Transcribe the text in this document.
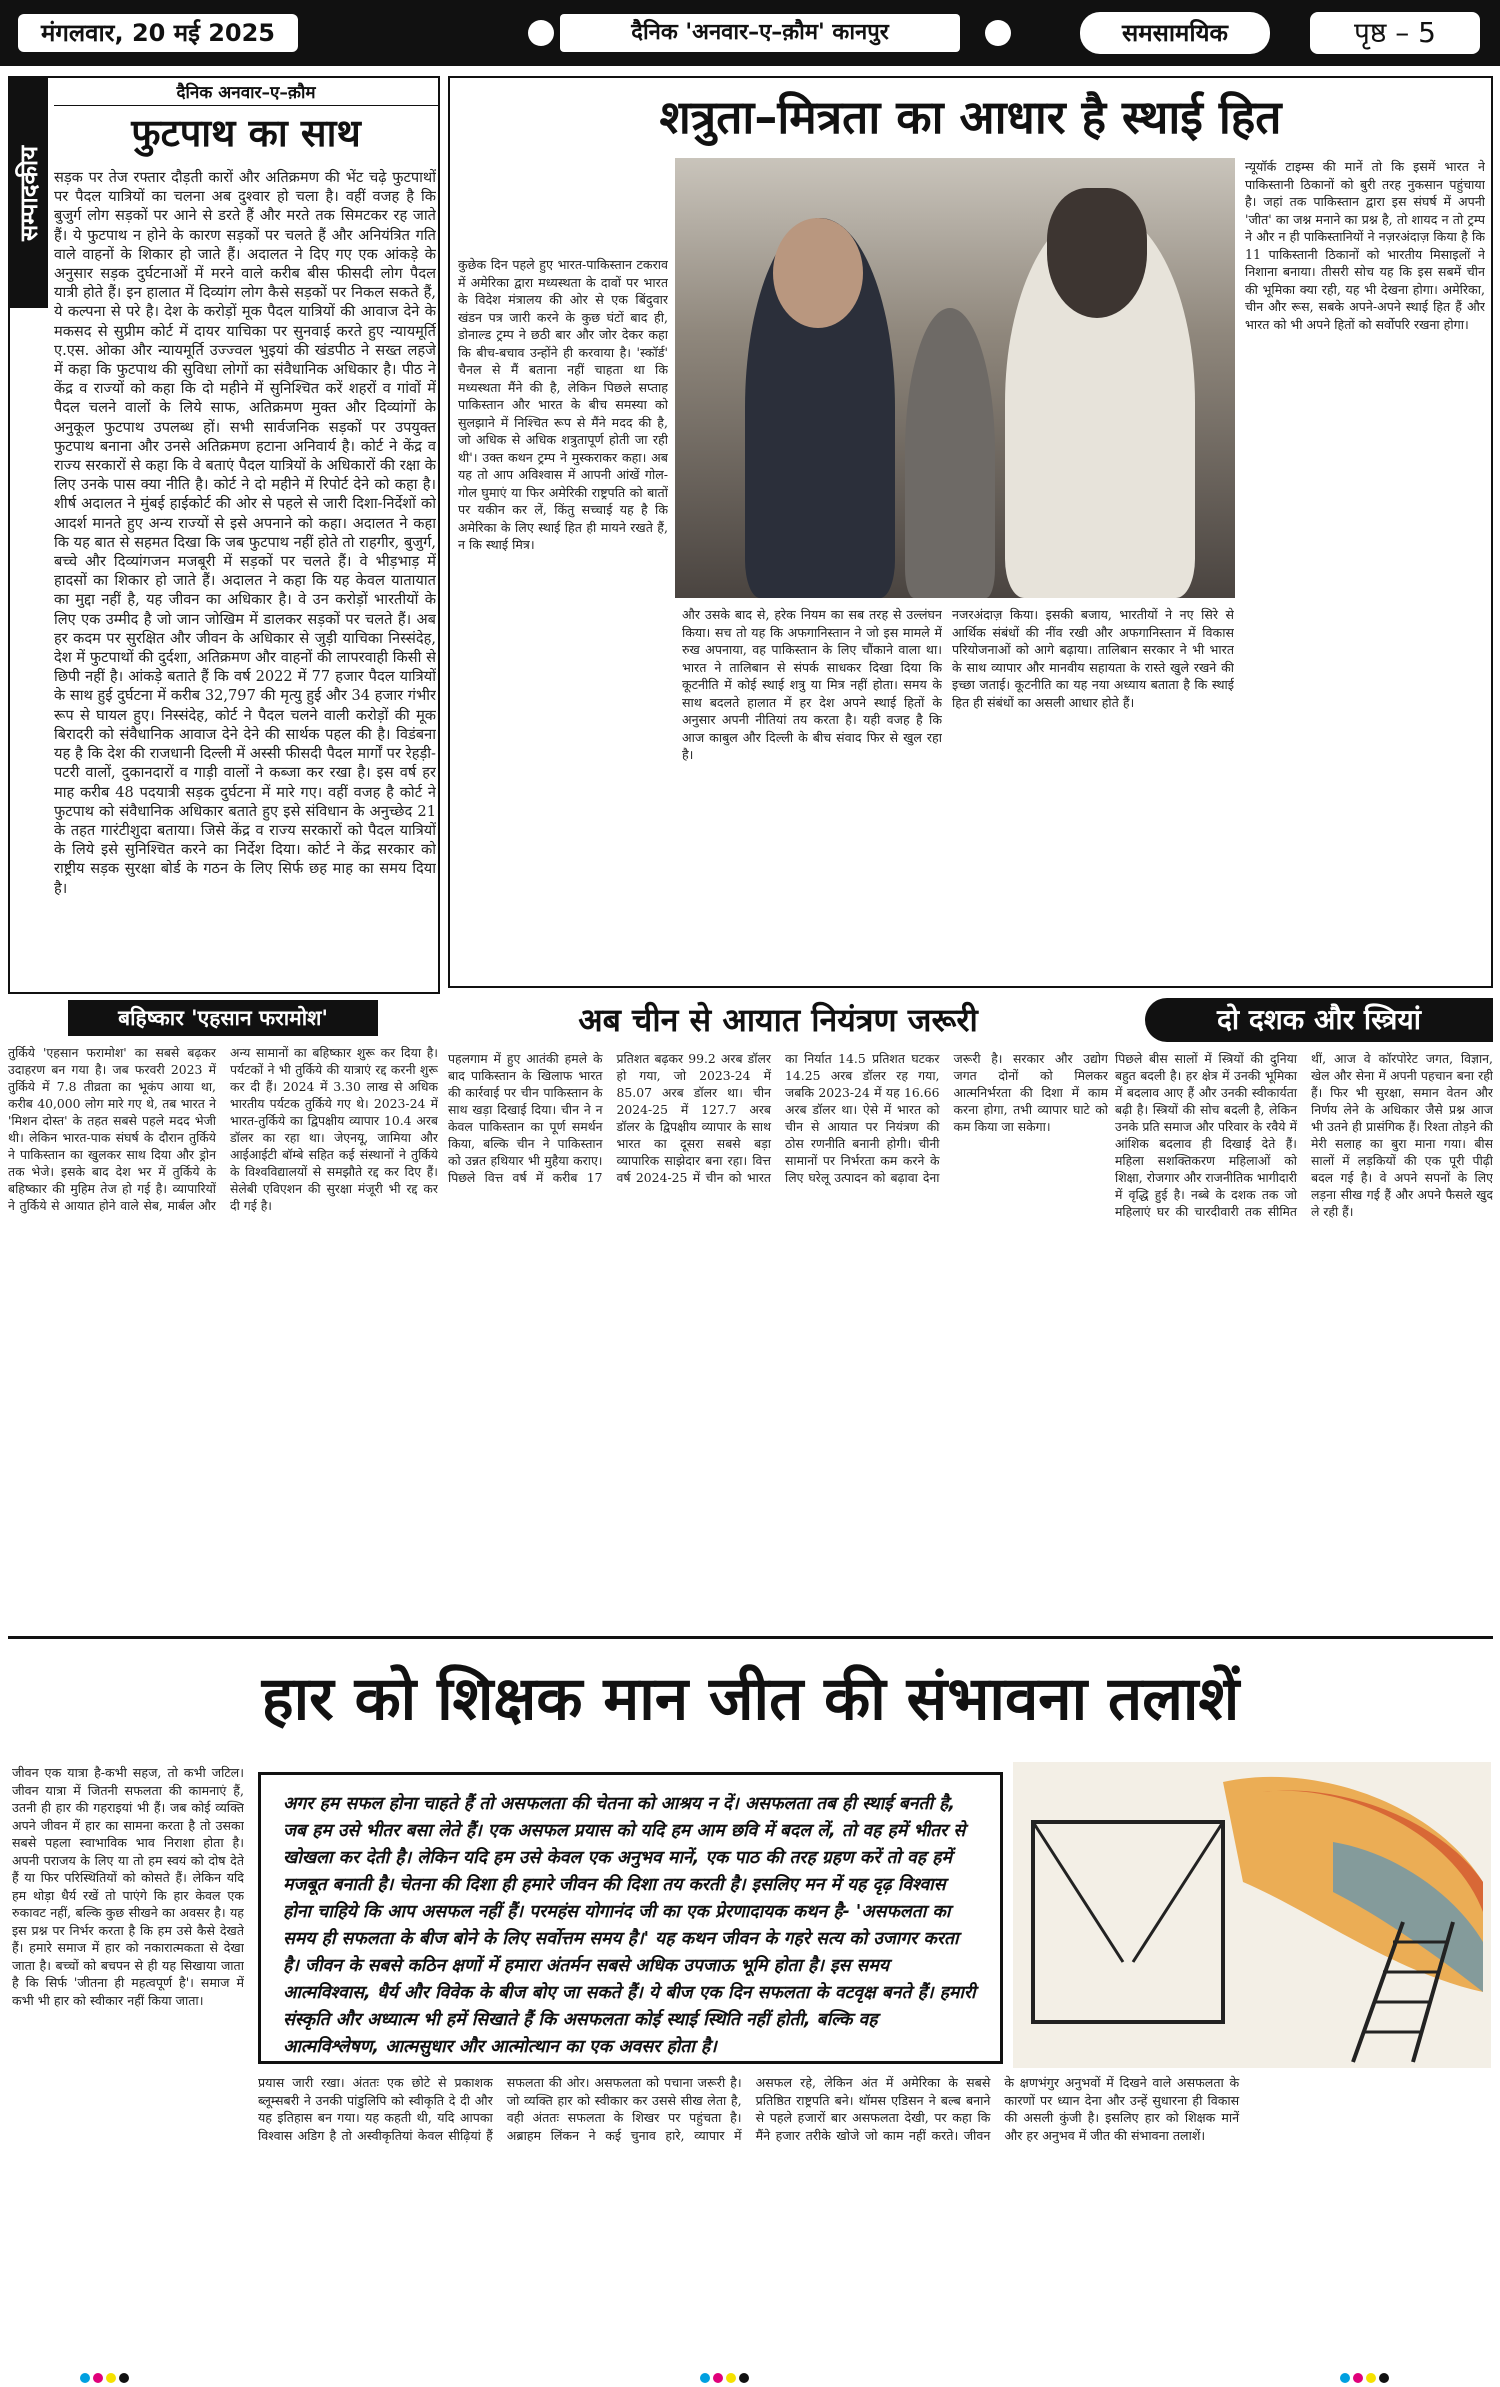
मंगलवार, 20 मई 2025	दैनिक 'अनवार–ए–क़ौम' कानपुर	समसामयिक	पृष्ठ – 5
सम्पादकीय
दैनिक अनवार–ए–क़ौम
फुटपाथ का साथ
सड़क पर तेज रफ्तार दौड़ती कारों और अतिक्रमण की भेंट चढ़े फुटपाथों पर पैदल यात्रियों का चलना अब दुश्वार हो चला है। वहीं वजह है कि बुजुर्ग लोग सड़कों पर आने से डरते हैं और मरते तक सिमटकर रह जाते हैं। ये फुटपाथ न होने के कारण सड़कों पर चलते हैं और अनियंत्रित गति वाले वाहनों के शिकार हो जाते हैं। अदालत ने दिए गए एक आंकड़े के अनुसार सड़क दुर्घटनाओं में मरने वाले करीब बीस फीसदी लोग पैदल यात्री होते हैं। इन हालात में दिव्यांग लोग कैसे सड़कों पर निकल सकते हैं, ये कल्पना से परे है। देश के करोड़ों मूक पैदल यात्रियों की आवाज देने के मकसद से सुप्रीम कोर्ट में दायर याचिका पर सुनवाई करते हुए न्यायमूर्ति ए.एस. ओका और न्यायमूर्ति उज्ज्वल भुइयां की खंडपीठ ने सख्त लहजे में कहा कि फुटपाथ की सुविधा लोगों का संवैधानिक अधिकार है। पीठ ने केंद्र व राज्यों को कहा कि दो महीने में सुनिश्चित करें शहरों व गांवों में पैदल चलने वालों के लिये साफ, अतिक्रमण मुक्त और दिव्यांगों के अनुकूल फुटपाथ उपलब्ध हों। सभी सार्वजनिक सड़कों पर उपयुक्त फुटपाथ बनाना और उनसे अतिक्रमण हटाना अनिवार्य है। कोर्ट ने केंद्र व राज्य सरकारों से कहा कि वे बताएं पैदल यात्रियों के अधिकारों की रक्षा के लिए उनके पास क्या नीति है। कोर्ट ने दो महीने में रिपोर्ट देने को कहा है। शीर्ष अदालत ने मुंबई हाईकोर्ट की ओर से पहले से जारी दिशा-निर्देशों को आदर्श मानते हुए अन्य राज्यों से इसे अपनाने को कहा। अदालत ने कहा कि यह बात से सहमत दिखा कि जब फुटपाथ नहीं होते तो राहगीर, बुजुर्ग, बच्चे और दिव्यांगजन मजबूरी में सड़कों पर चलते हैं। वे भीड़भाड़ में हादसों का शिकार हो जाते हैं। अदालत ने कहा कि यह केवल यातायात का मुद्दा नहीं है, यह जीवन का अधिकार है। वे उन करोड़ों भारतीयों के लिए एक उम्मीद है जो जान जोखिम में डालकर सड़कों पर चलते हैं। अब हर कदम पर सुरक्षित और जीवन के अधिकार से जुड़ी याचिका निस्संदेह, देश में फुटपाथों की दुर्दशा, अतिक्रमण और वाहनों की लापरवाही किसी से छिपी नहीं है। आंकड़े बताते हैं कि वर्ष 2022 में 77 हजार पैदल यात्रियों के साथ हुई दुर्घटना में करीब 32,797 की मृत्यु हुई और 34 हजार गंभीर रूप से घायल हुए। निस्संदेह, कोर्ट ने पैदल चलने वाली करोड़ों की मूक बिरादरी को संवैधानिक आवाज देने देने की सार्थक पहल की है। विडंबना यह है कि देश की राजधानी दिल्ली में अस्सी फीसदी पैदल मार्गों पर रेहड़ी-पटरी वालों, दुकानदारों व गाड़ी वालों ने कब्जा कर रखा है। इस वर्ष हर माह करीब 48 पदयात्री सड़क दुर्घटना में मारे गए। वहीं वजह है कोर्ट ने फुटपाथ को संवैधानिक अधिकार बताते हुए इसे संविधान के अनुच्छेद 21 के तहत गारंटीशुदा बताया। जिसे केंद्र व राज्य सरकारों को पैदल यात्रियों के लिये इसे सुनिश्चित करने का निर्देश दिया। कोर्ट ने केंद्र सरकार को राष्ट्रीय सड़क सुरक्षा बोर्ड के गठन के लिए सिर्फ छह माह का समय दिया है।
शत्रुता–मित्रता का आधार है स्थाई हित
कुछेक दिन पहले हुए भारत-पाकिस्तान टकराव में अमेरिका द्वारा मध्यस्थता के दावों पर भारत के विदेश मंत्रालय की ओर से एक बिंदुवार खंडन पत्र जारी करने के कुछ घंटों बाद ही, डोनाल्ड ट्रम्प ने छठी बार और जोर देकर कहा कि बीच-बचाव उन्होंने ही करवाया है। 'स्कॉर्ड' चैनल से मैं बताना नहीं चाहता था कि मध्यस्थता मैंने की है, लेकिन पिछले सप्ताह पाकिस्तान और भारत के बीच समस्या को सुलझाने में निश्चित रूप से मैंने मदद की है, जो अधिक से अधिक शत्रुतापूर्ण होती जा रही थी'। उक्त कथन ट्रम्प ने मुस्कराकर कहा। अब यह तो आप अविश्वास में आपनी आंखें गोल-गोल घुमाएं या फिर अमेरिकी राष्ट्रपति को बातों पर यकीन कर लें, किंतु सच्चाई यह है कि अमेरिका के लिए स्थाई हित ही मायने रखते हैं, न कि स्थाई मित्र।
और उसके बाद से, हरेक नियम का सब तरह से उल्लंघन किया। सच तो यह कि अफगानिस्तान ने जो इस मामले में रुख अपनाया, वह पाकिस्तान के लिए चौंकाने वाला था। भारत ने तालिबान से संपर्क साधकर दिखा दिया कि कूटनीति में कोई स्थाई शत्रु या मित्र नहीं होता। समय के साथ बदलते हालात में हर देश अपने स्थाई हितों के अनुसार अपनी नीतियां तय करता है। यही वजह है कि आज काबुल और दिल्ली के बीच संवाद फिर से खुल रहा है।
नजरअंदाज़ किया। इसकी बजाय, भारतीयों ने नए सिरे से आर्थिक संबंधों की नींव रखी और अफगानिस्तान में विकास परियोजनाओं को आगे बढ़ाया। तालिबान सरकार ने भी भारत के साथ व्यापार और मानवीय सहायता के रास्ते खुले रखने की इच्छा जताई। कूटनीति का यह नया अध्याय बताता है कि स्थाई हित ही संबंधों का असली आधार होते हैं।
न्यूयॉर्क टाइम्स की मानें तो कि इसमें भारत ने पाकिस्तानी ठिकानों को बुरी तरह नुकसान पहुंचाया है। जहां तक पाकिस्तान द्वारा इस संघर्ष में अपनी 'जीत' का जश्न मनाने का प्रश्न है, तो शायद न तो ट्रम्प ने और न ही पाकिस्तानियों ने नज़रअंदाज़ किया है कि 11 पाकिस्तानी ठिकानों को भारतीय मिसाइलों ने निशाना बनाया। तीसरी सोच यह कि इस सबमें चीन की भूमिका क्या रही, यह भी देखना होगा। अमेरिका, चीन और रूस, सबके अपने-अपने स्थाई हित हैं और भारत को भी अपने हितों को सर्वोपरि रखना होगा।
बहिष्कार 'एहसान फरामोश'
तुर्किये 'एहसान फरामोश' का सबसे बढ़कर उदाहरण बन गया है। जब फरवरी 2023 में तुर्किये में 7.8 तीव्रता का भूकंप आया था, करीब 40,000 लोग मारे गए थे, तब भारत ने 'मिशन दोस्त' के तहत सबसे पहले मदद भेजी थी। लेकिन भारत-पाक संघर्ष के दौरान तुर्किये ने पाकिस्तान का खुलकर साथ दिया और ड्रोन तक भेजे। इसके बाद देश भर में तुर्किये के बहिष्कार की मुहिम तेज हो गई है। व्यापारियों ने तुर्किये से आयात होने वाले सेब, मार्बल और अन्य सामानों का बहिष्कार शुरू कर दिया है। पर्यटकों ने भी तुर्किये की यात्राएं रद्द करनी शुरू कर दी हैं। 2024 में 3.30 लाख से अधिक भारतीय पर्यटक तुर्किये गए थे। 2023-24 में भारत-तुर्किये का द्विपक्षीय व्यापार 10.4 अरब डॉलर का रहा था। जेएनयू, जामिया और आईआईटी बॉम्बे सहित कई संस्थानों ने तुर्किये के विश्वविद्यालयों से समझौते रद्द कर दिए हैं। सेलेबी एविएशन की सुरक्षा मंजूरी भी रद्द कर दी गई है।
अब चीन से आयात नियंत्रण जरूरी
पहलगाम में हुए आतंकी हमले के बाद पाकिस्तान के खिलाफ भारत की कार्रवाई पर चीन पाकिस्तान के साथ खड़ा दिखाई दिया। चीन ने न केवल पाकिस्तान का पूर्ण समर्थन किया, बल्कि चीन ने पाकिस्तान को उन्नत हथियार भी मुहैया कराए। पिछले वित्त वर्ष में करीब 17 प्रतिशत बढ़कर 99.2 अरब डॉलर हो गया, जो 2023-24 में 85.07 अरब डॉलर था। चीन 2024-25 में 127.7 अरब डॉलर के द्विपक्षीय व्यापार के साथ भारत का दूसरा सबसे बड़ा व्यापारिक साझेदार बना रहा। वित्त वर्ष 2024-25 में चीन को भारत का निर्यात 14.5 प्रतिशत घटकर 14.25 अरब डॉलर रह गया, जबकि 2023-24 में यह 16.66 अरब डॉलर था। ऐसे में भारत को चीन से आयात पर नियंत्रण की ठोस रणनीति बनानी होगी। चीनी सामानों पर निर्भरता कम करने के लिए घरेलू उत्पादन को बढ़ावा देना जरूरी है। सरकार और उद्योग जगत दोनों को मिलकर आत्मनिर्भरता की दिशा में काम करना होगा, तभी व्यापार घाटे को कम किया जा सकेगा।
दो दशक और स्त्रियां
पिछले बीस सालों में स्त्रियों की दुनिया बहुत बदली है। हर क्षेत्र में उनकी भूमिका में बदलाव आए हैं और उनकी स्वीकार्यता बढ़ी है। स्त्रियों की सोच बदली है, लेकिन उनके प्रति समाज और परिवार के रवैये में आंशिक बदलाव ही दिखाई देते हैं। महिला सशक्तिकरण महिलाओं को शिक्षा, रोजगार और राजनीतिक भागीदारी में वृद्धि हुई है। नब्बे के दशक तक जो महिलाएं घर की चारदीवारी तक सीमित थीं, आज वे कॉरपोरेट जगत, विज्ञान, खेल और सेना में अपनी पहचान बना रही हैं। फिर भी सुरक्षा, समान वेतन और निर्णय लेने के अधिकार जैसे प्रश्न आज भी उतने ही प्रासंगिक हैं। रिश्ता तोड़ने की मेरी सलाह का बुरा माना गया। बीस सालों में लड़कियों की एक पूरी पीढ़ी बदल गई है। वे अपने सपनों के लिए लड़ना सीख गई हैं और अपने फैसले खुद ले रही हैं।
हार को शिक्षक मान जीत की संभावना तलाशें
जीवन एक यात्रा है-कभी सहज, तो कभी जटिल। जीवन यात्रा में जितनी सफलता की कामनाएं हैं, उतनी ही हार की गहराइयां भी हैं। जब कोई व्यक्ति अपने जीवन में हार का सामना करता है तो उसका सबसे पहला स्वाभाविक भाव निराशा होता है। अपनी पराजय के लिए या तो हम स्वयं को दोष देते हैं या फिर परिस्थितियों को कोसते हैं। लेकिन यदि हम थोड़ा धैर्य रखें तो पाएंगे कि हार केवल एक रुकावट नहीं, बल्कि कुछ सीखने का अवसर है। यह इस प्रश्न पर निर्भर करता है कि हम उसे कैसे देखते हैं। हमारे समाज में हार को नकारात्मकता से देखा जाता है। बच्चों को बचपन से ही यह सिखाया जाता है कि सिर्फ 'जीतना ही महत्वपूर्ण है'। समाज में कभी भी हार को स्वीकार नहीं किया जाता।
अगर हम सफल होना चाहते हैं तो असफलता की चेतना को आश्रय न दें। असफलता तब ही स्थाई बनती है, जब हम उसे भीतर बसा लेते हैं। एक असफल प्रयास को यदि हम आम छवि में बदल लें, तो वह हमें भीतर से खोखला कर देती है। लेकिन यदि हम उसे केवल एक अनुभव मानें, एक पाठ की तरह ग्रहण करें तो वह हमें मजबूत बनाती है। चेतना की दिशा ही हमारे जीवन की दिशा तय करती है। इसलिए मन में यह दृढ़ विश्वास होना चाहिये कि आप असफल नहीं हैं। परमहंस योगानंद जी का एक प्रेरणादायक कथन है- 'असफलता का समय ही सफलता के बीज बोने के लिए सर्वोत्तम समय है।' यह कथन जीवन के गहरे सत्य को उजागर करता है। जीवन के सबसे कठिन क्षणों में हमारा अंतर्मन सबसे अधिक उपजाऊ भूमि होता है। इस समय आत्मविश्वास, धैर्य और विवेक के बीज बोए जा सकते हैं। ये बीज एक दिन सफलता के वटवृक्ष बनते हैं। हमारी संस्कृति और अध्यात्म भी हमें सिखाते हैं कि असफलता कोई स्थाई स्थिति नहीं होती, बल्कि वह आत्मविश्लेषण, आत्मसुधार और आत्मोत्थान का एक अवसर होता है।
प्रयास जारी रखा। अंततः एक छोटे से प्रकाशक ब्लूम्सबरी ने उनकी पांडुलिपि को स्वीकृति दे दी और यह इतिहास बन गया। यह कहती थी, यदि आपका विश्वास अडिग है तो अस्वीकृतियां केवल सीढ़ियां हैं सफलता की ओर। असफलता को पचाना जरूरी है। जो व्यक्ति हार को स्वीकार कर उससे सीख लेता है, वही अंततः सफलता के शिखर पर पहुंचता है। अब्राहम लिंकन ने कई चुनाव हारे, व्यापार में असफल रहे, लेकिन अंत में अमेरिका के सबसे प्रतिष्ठित राष्ट्रपति बने। थॉमस एडिसन ने बल्ब बनाने से पहले हजारों बार असफलता देखी, पर कहा कि मैंने हजार तरीके खोजे जो काम नहीं करते। जीवन के क्षणभंगुर अनुभवों में दिखने वाले असफलता के कारणों पर ध्यान देना और उन्हें सुधारना ही विकास की असली कुंजी है। इसलिए हार को शिक्षक मानें और हर अनुभव में जीत की संभावना तलाशें।
